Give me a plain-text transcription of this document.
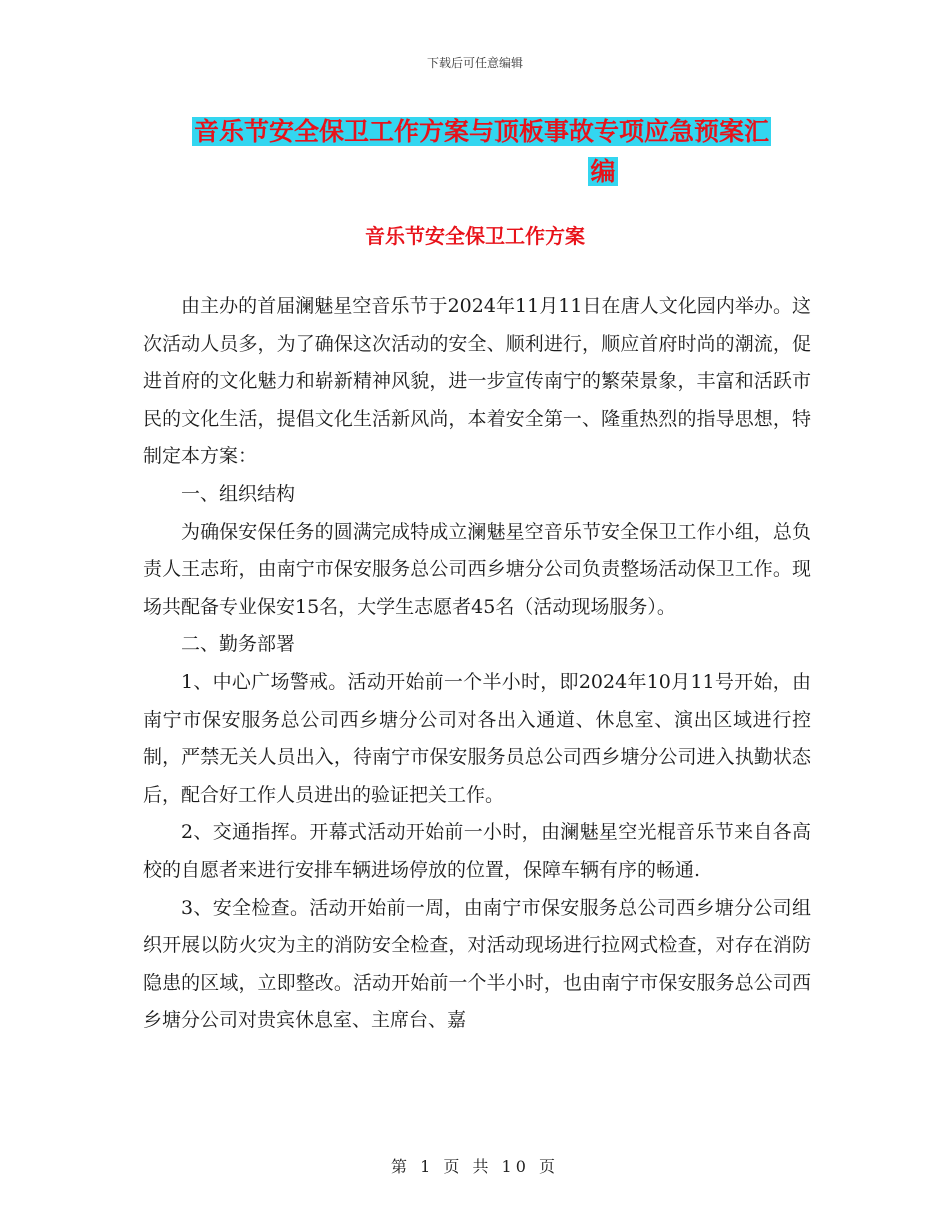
下载后可任意编辑
音乐节安全保卫工作方案与顶板事故专项应急预案汇
编
音乐节安全保卫工作方案

由主办的首届澜魅星空音乐节于2024年11月11日在唐人文化园内举办。这次活动人员多，为了确保这次活动的安全、顺利进行，顺应首府时尚的潮流，促进首府的文化魅力和崭新精神风貌，进一步宣传南宁的繁荣景象，丰富和活跃市民的文化生活，提倡文化生活新风尚，本着安全第一、隆重热烈的指导思想，特制定本方案：

一、组织结构

为确保安保任务的圆满完成特成立澜魅星空音乐节安全保卫工作小组，总负责人王志珩，由南宁市保安服务总公司西乡塘分公司负责整场活动保卫工作。现场共配备专业保安15名，大学生志愿者45名（活动现场服务）。

二、勤务部署

1、中心广场警戒。活动开始前一个半小时，即2024年10月11号开始，由南宁市保安服务总公司西乡塘分公司对各出入通道、休息室、演出区域进行控制，严禁无关人员出入，待南宁市保安服务员总公司西乡塘分公司进入执勤状态后，配合好工作人员进出的验证把关工作。

2、交通指挥。开幕式活动开始前一小时，由澜魅星空光棍音乐节来自各高校的自愿者来进行安排车辆进场停放的位置，保障车辆有序的畅通.

3、安全检查。活动开始前一周，由南宁市保安服务总公司西乡塘分公司组织开展以防火灾为主的消防安全检查，对活动现场进行拉网式检查，对存在消防隐患的区域，立即整改。活动开始前一个半小时，也由南宁市保安服务总公司西乡塘分公司对贵宾休息室、主席台、嘉

第 1 页 共 10 页
